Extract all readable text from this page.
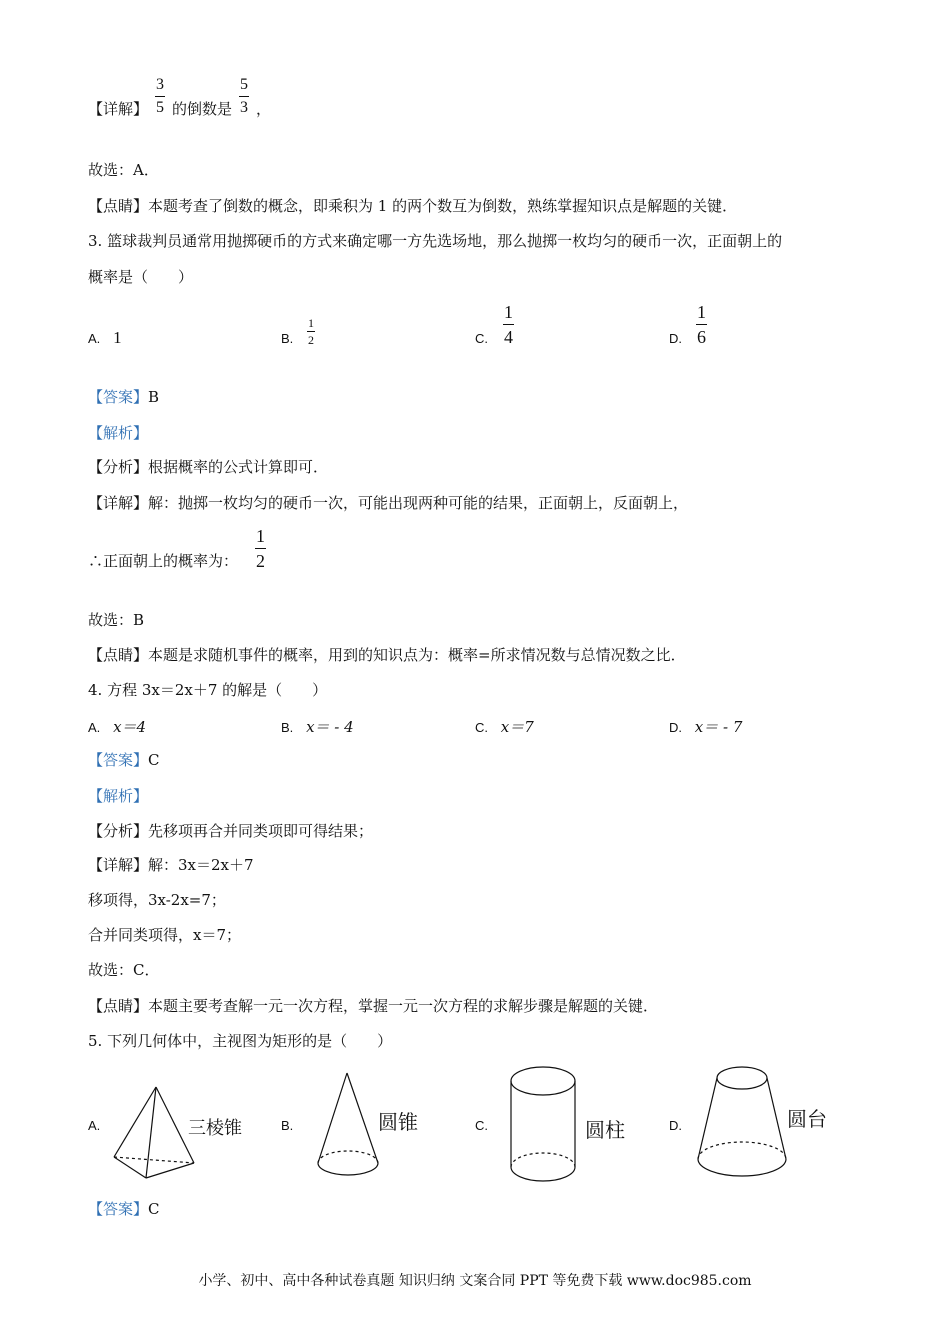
【详解】
3
5 的倒数是
5
3 ，
故选：A．
【点睛】本题考查了倒数的概念，即乘积为 1 的两个数互为倒数，熟练掌握知识点是解题的关键．
3. 篮球裁判员通常用抛掷硬币的方式来确定哪一方先选场地，那么抛掷一枚均匀的硬币一次，正面朝上的
概率是（　　）
A. 1	B.
1
2	C.
1
4	D.
1
6
【答案】B
【解析】
【分析】根据概率的公式计算即可．
【详解】解：抛掷一枚均匀的硬币一次，可能出现两种可能的结果，正面朝上，反面朝上，
∴正面朝上的概率为：
1
2
故选：B
【点睛】本题是求随机事件的概率，用到的知识点为：概率=所求情况数与总情况数之比．
4. 方程 3x＝2x＋7 的解是（　　）
A. x＝4	B. x＝ - 4	C. x＝7	D. x＝ - 7
【答案】C
【解析】
【分析】先移项再合并同类项即可得结果；
【详解】解：3x＝2x＋7
移项得，3x-2x=7；
合并同类项得，x＝7；
故选：C．
【点睛】本题主要考查解一元一次方程，掌握一元一次方程的求解步骤是解题的关键．
5. 下列几何体中，主视图为矩形的是（　　）
A.	三棱锥	B.	圆锥	C.	圆柱	D.	圆台
【答案】C
小学、初中、高中各种试卷真题 知识归纳 文案合同 PPT 等免费下载 www.doc985.com
